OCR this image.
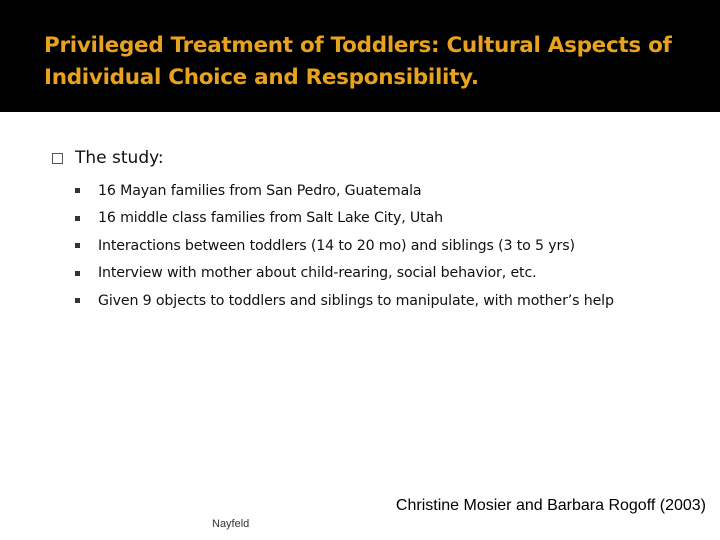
Privileged Treatment of Toddlers: Cultural Aspects of Individual Choice and Responsibility.
The study:
16 Mayan families from San Pedro, Guatemala
16 middle class families from Salt Lake City, Utah
Interactions between toddlers (14 to 20 mo) and siblings (3 to 5 yrs)
Interview with mother about child-rearing, social behavior, etc.
Given 9 objects to toddlers and siblings to manipulate, with mother’s help
Christine Mosier and Barbara Rogoff (2003)
Nayfeld
